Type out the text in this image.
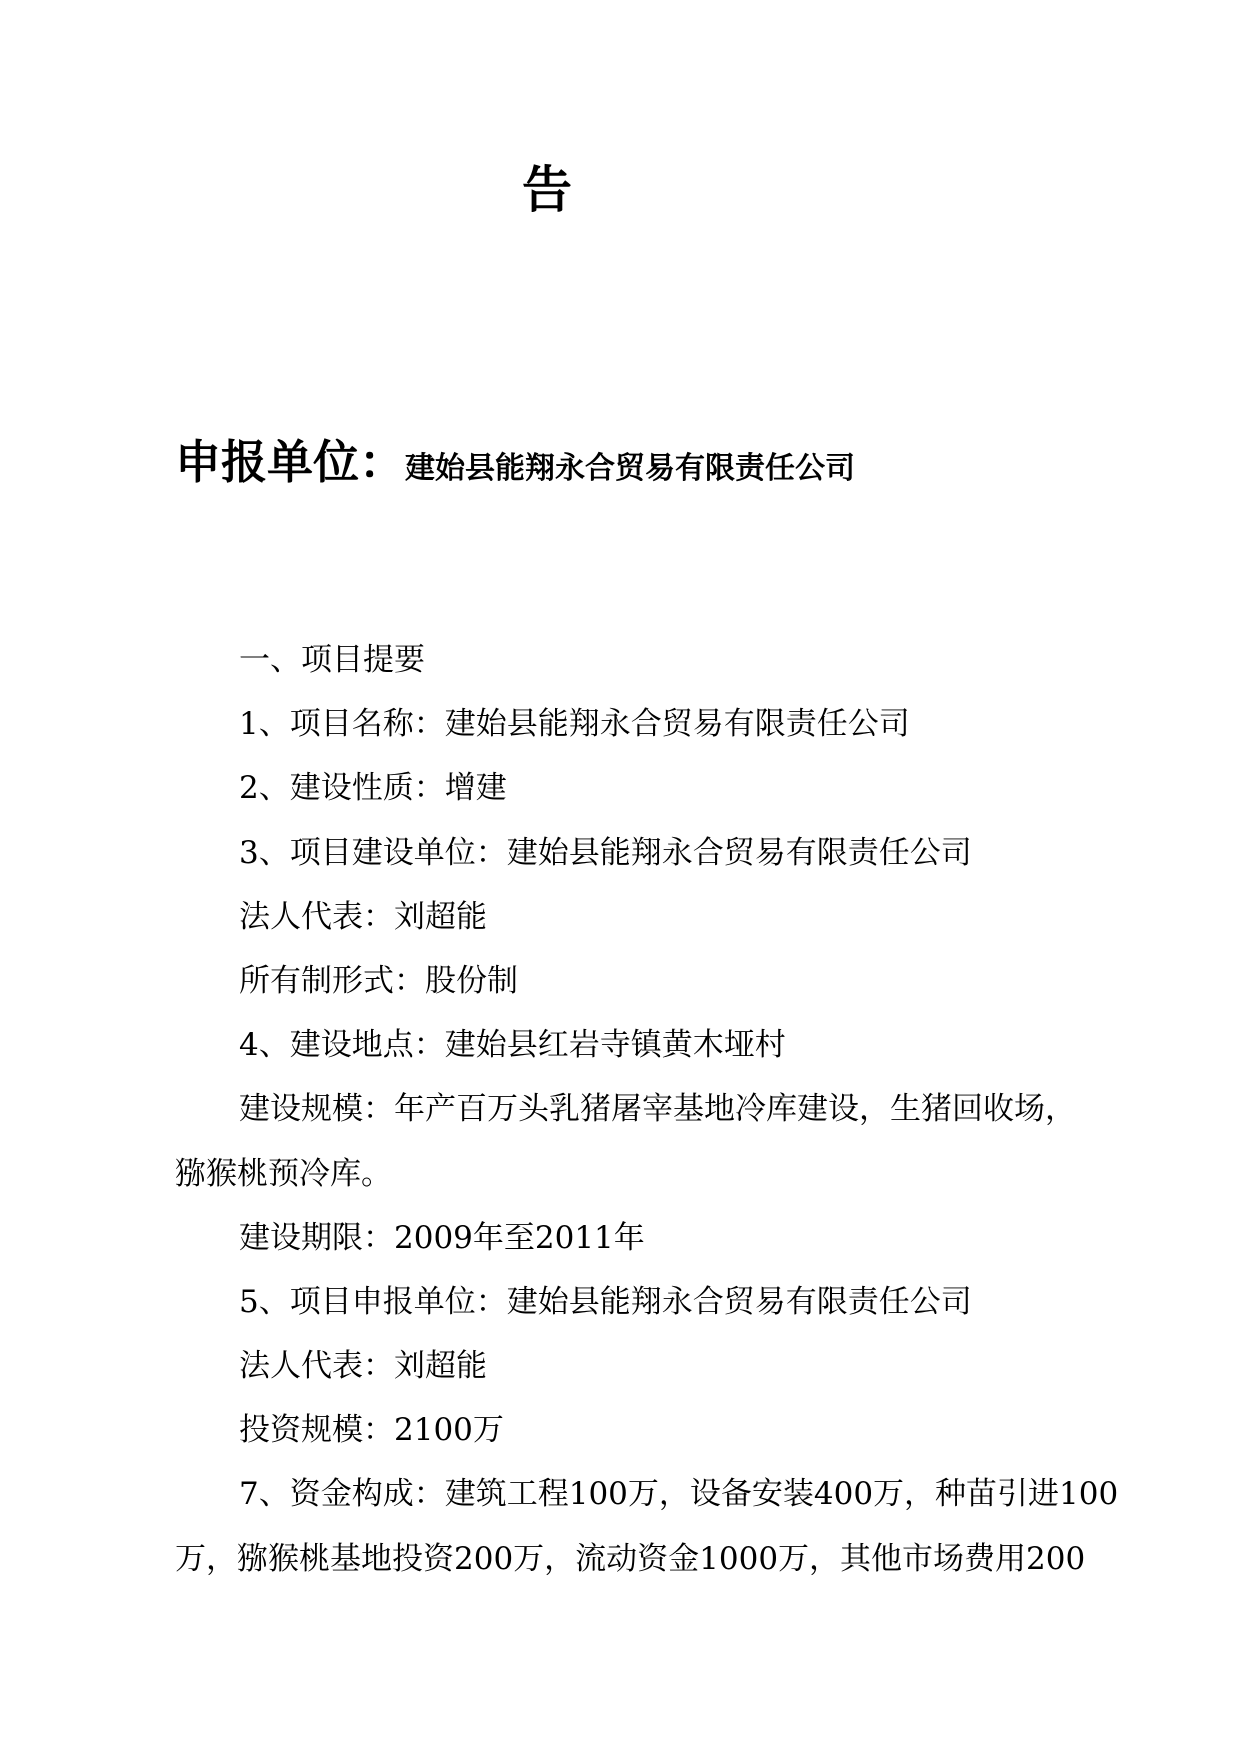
告
申报单位：建始县能翔永合贸易有限责任公司
一、项目提要
1、项目名称：建始县能翔永合贸易有限责任公司
2、建设性质：增建
3、项目建设单位：建始县能翔永合贸易有限责任公司
法人代表：刘超能
所有制形式：股份制
4、建设地点：建始县红岩寺镇黄木垭村
建设规模：年产百万头乳猪屠宰基地冷库建设，生猪回收场，
猕猴桃预冷库。
建设期限：2009年至2011年
5、项目申报单位：建始县能翔永合贸易有限责任公司
法人代表：刘超能
投资规模：2100万
7、资金构成：建筑工程100万，设备安装400万，种苗引进100
万，猕猴桃基地投资200万，流动资金1000万，其他市场费用200
